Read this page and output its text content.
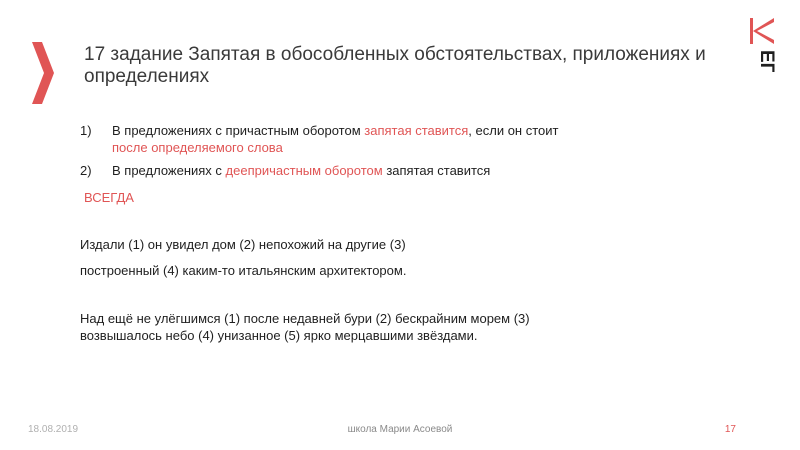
ЕГЭ
17 задание Запятая в обособленных обстоятельствах, приложениях и определениях
1) В предложениях с причастным оборотом запятая ставится, если он стоит
после определяемого слова
2) В предложениях с деепричастным оборотом запятая ставится

ВСЕГДА

Издали (1) он увидел дом (2) непохожий на другие (3)

построенный (4) каким-то итальянским архитектором.

Над ещё не улёгшимся (1) после недавней бури (2) бескрайним морем (3)

возвышалось небо (4) унизанное (5) ярко мерцавшими звёздами.

18.08.2019	школа Марии Асоевой	17
